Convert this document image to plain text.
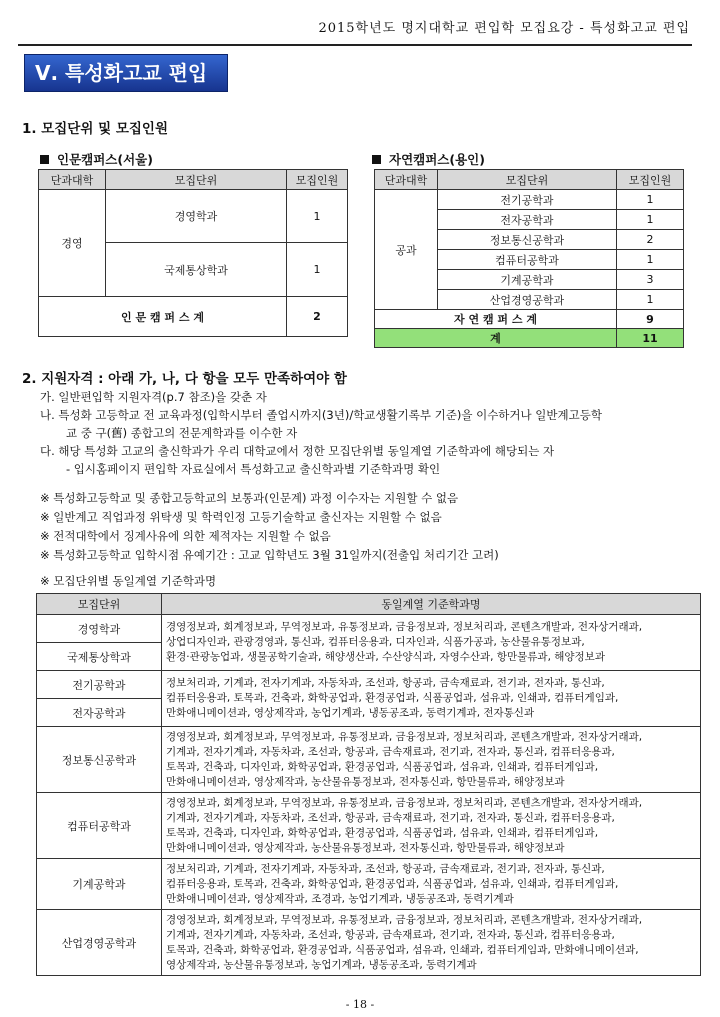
2015학년도 명지대학교 편입학 모집요강 - 특성화고교 편입
Ⅴ. 특성화고교 편입
1. 모집단위 및 모집인원
인문캠퍼스(서울)	자연캠퍼스(용인)
단과대학	모집단위	모집인원
경영	경영학과	1
	국제통상학과	1
인 문 캠 퍼 스 계		2
단과대학	모집단위	모집인원
공과	전기공학과	1
	전자공학과	1
	정보통신공학과	2
	컴퓨터공학과	1
	기계공학과	3
	산업경영공학과	1
자 연 캠 퍼 스 계		9
계		11
2. 지원자격 : 아래 가, 나, 다 항을 모두 만족하여야 함
가. 일반편입학 지원자격(p.7 참조)을 갖춘 자
나. 특성화 고등학교 전 교육과정(입학시부터 졸업시까지(3년)/학교생활기록부 기준)을 이수하거나 일반계고등학
교 중 구(舊) 종합고의 전문계학과를 이수한 자
다. 해당 특성화 고교의 출신학과가 우리 대학교에서 정한 모집단위별 동일계열 기준학과에 해당되는 자
- 입시홈페이지 편입학 자료실에서 특성화고교 출신학과별 기준학과명 확인
※ 특성화고등학교 및 종합고등학교의 보통과(인문계) 과정 이수자는 지원할 수 없음
※ 일반계고 직업과정 위탁생 및 학력인정 고등기술학교 출신자는 지원할 수 없음
※ 전적대학에서 징계사유에 의한 제적자는 지원할 수 없음
※ 특성화고등학교 입학시점 유예기간 : 고교 입학년도 3월 31일까지(전출입 처리기간 고려)
※ 모집단위별 동일계열 기준학과명
모집단위	동일계열 기준학과명
경영학과	경영정보과, 회계정보과, 무역정보과, 유통정보과, 금융정보과, 정보처리과, 콘텐츠개발과, 전자상거래과,
상업디자인과, 관광경영과, 통신과, 컴퓨터응용과, 디자인과, 식품가공과, 농산물유통정보과,
환경·관광농업과, 생물공학기술과, 해양생산과, 수산양식과, 자영수산과, 항만물류과, 해양정보과

국제통상학과	
전기공학과	정보처리과, 기계과, 전자기계과, 자동차과, 조선과, 항공과, 금속재료과, 전기과, 전자과, 통신과,
컴퓨터응용과, 토목과, 건축과, 화학공업과, 환경공업과, 식품공업과, 섬유과, 인쇄과, 컴퓨터게임과,
만화애니메이션과, 영상제작과, 농업기계과, 냉동공조과, 동력기계과, 전자통신과

전자공학과	
정보통신공학과	경영정보과, 회계정보과, 무역정보과, 유통정보과, 금융정보과, 정보처리과, 콘텐츠개발과, 전자상거래과,
기계과, 전자기계과, 자동차과, 조선과, 항공과, 금속재료과, 전기과, 전자과, 통신과, 컴퓨터응용과,
토목과, 건축과, 디자인과, 화학공업과, 환경공업과, 식품공업과, 섬유과, 인쇄과, 컴퓨터게임과,
만화애니메이션과, 영상제작과, 농산물유통정보과, 전자통신과, 항만물류과, 해양정보과

컴퓨터공학과	경영정보과, 회계정보과, 무역정보과, 유통정보과, 금융정보과, 정보처리과, 콘텐츠개발과, 전자상거래과,
기계과, 전자기계과, 자동차과, 조선과, 항공과, 금속재료과, 전기과, 전자과, 통신과, 컴퓨터응용과,
토목과, 건축과, 디자인과, 화학공업과, 환경공업과, 식품공업과, 섬유과, 인쇄과, 컴퓨터게임과,
만화애니메이션과, 영상제작과, 농산물유통정보과, 전자통신과, 항만물류과, 해양정보과

기계공학과	정보처리과, 기계과, 전자기계과, 자동차과, 조선과, 항공과, 금속재료과, 전기과, 전자과, 통신과,
컴퓨터응용과, 토목과, 건축과, 화학공업과, 환경공업과, 식품공업과, 섬유과, 인쇄과, 컴퓨터게임과,
만화애니메이션과, 영상제작과, 조경과, 농업기계과, 냉동공조과, 동력기계과

산업경영공학과	경영정보과, 회계정보과, 무역정보과, 유통정보과, 금융정보과, 정보처리과, 콘텐츠개발과, 전자상거래과,
기계과, 전자기계과, 자동차과, 조선과, 항공과, 금속재료과, 전기과, 전자과, 통신과, 컴퓨터응용과,
토목과, 건축과, 화학공업과, 환경공업과, 식품공업과, 섬유과, 인쇄과, 컴퓨터게임과, 만화애니메이션과,
영상제작과, 농산물유통정보과, 농업기계과, 냉동공조과, 동력기계과
- 18 -
